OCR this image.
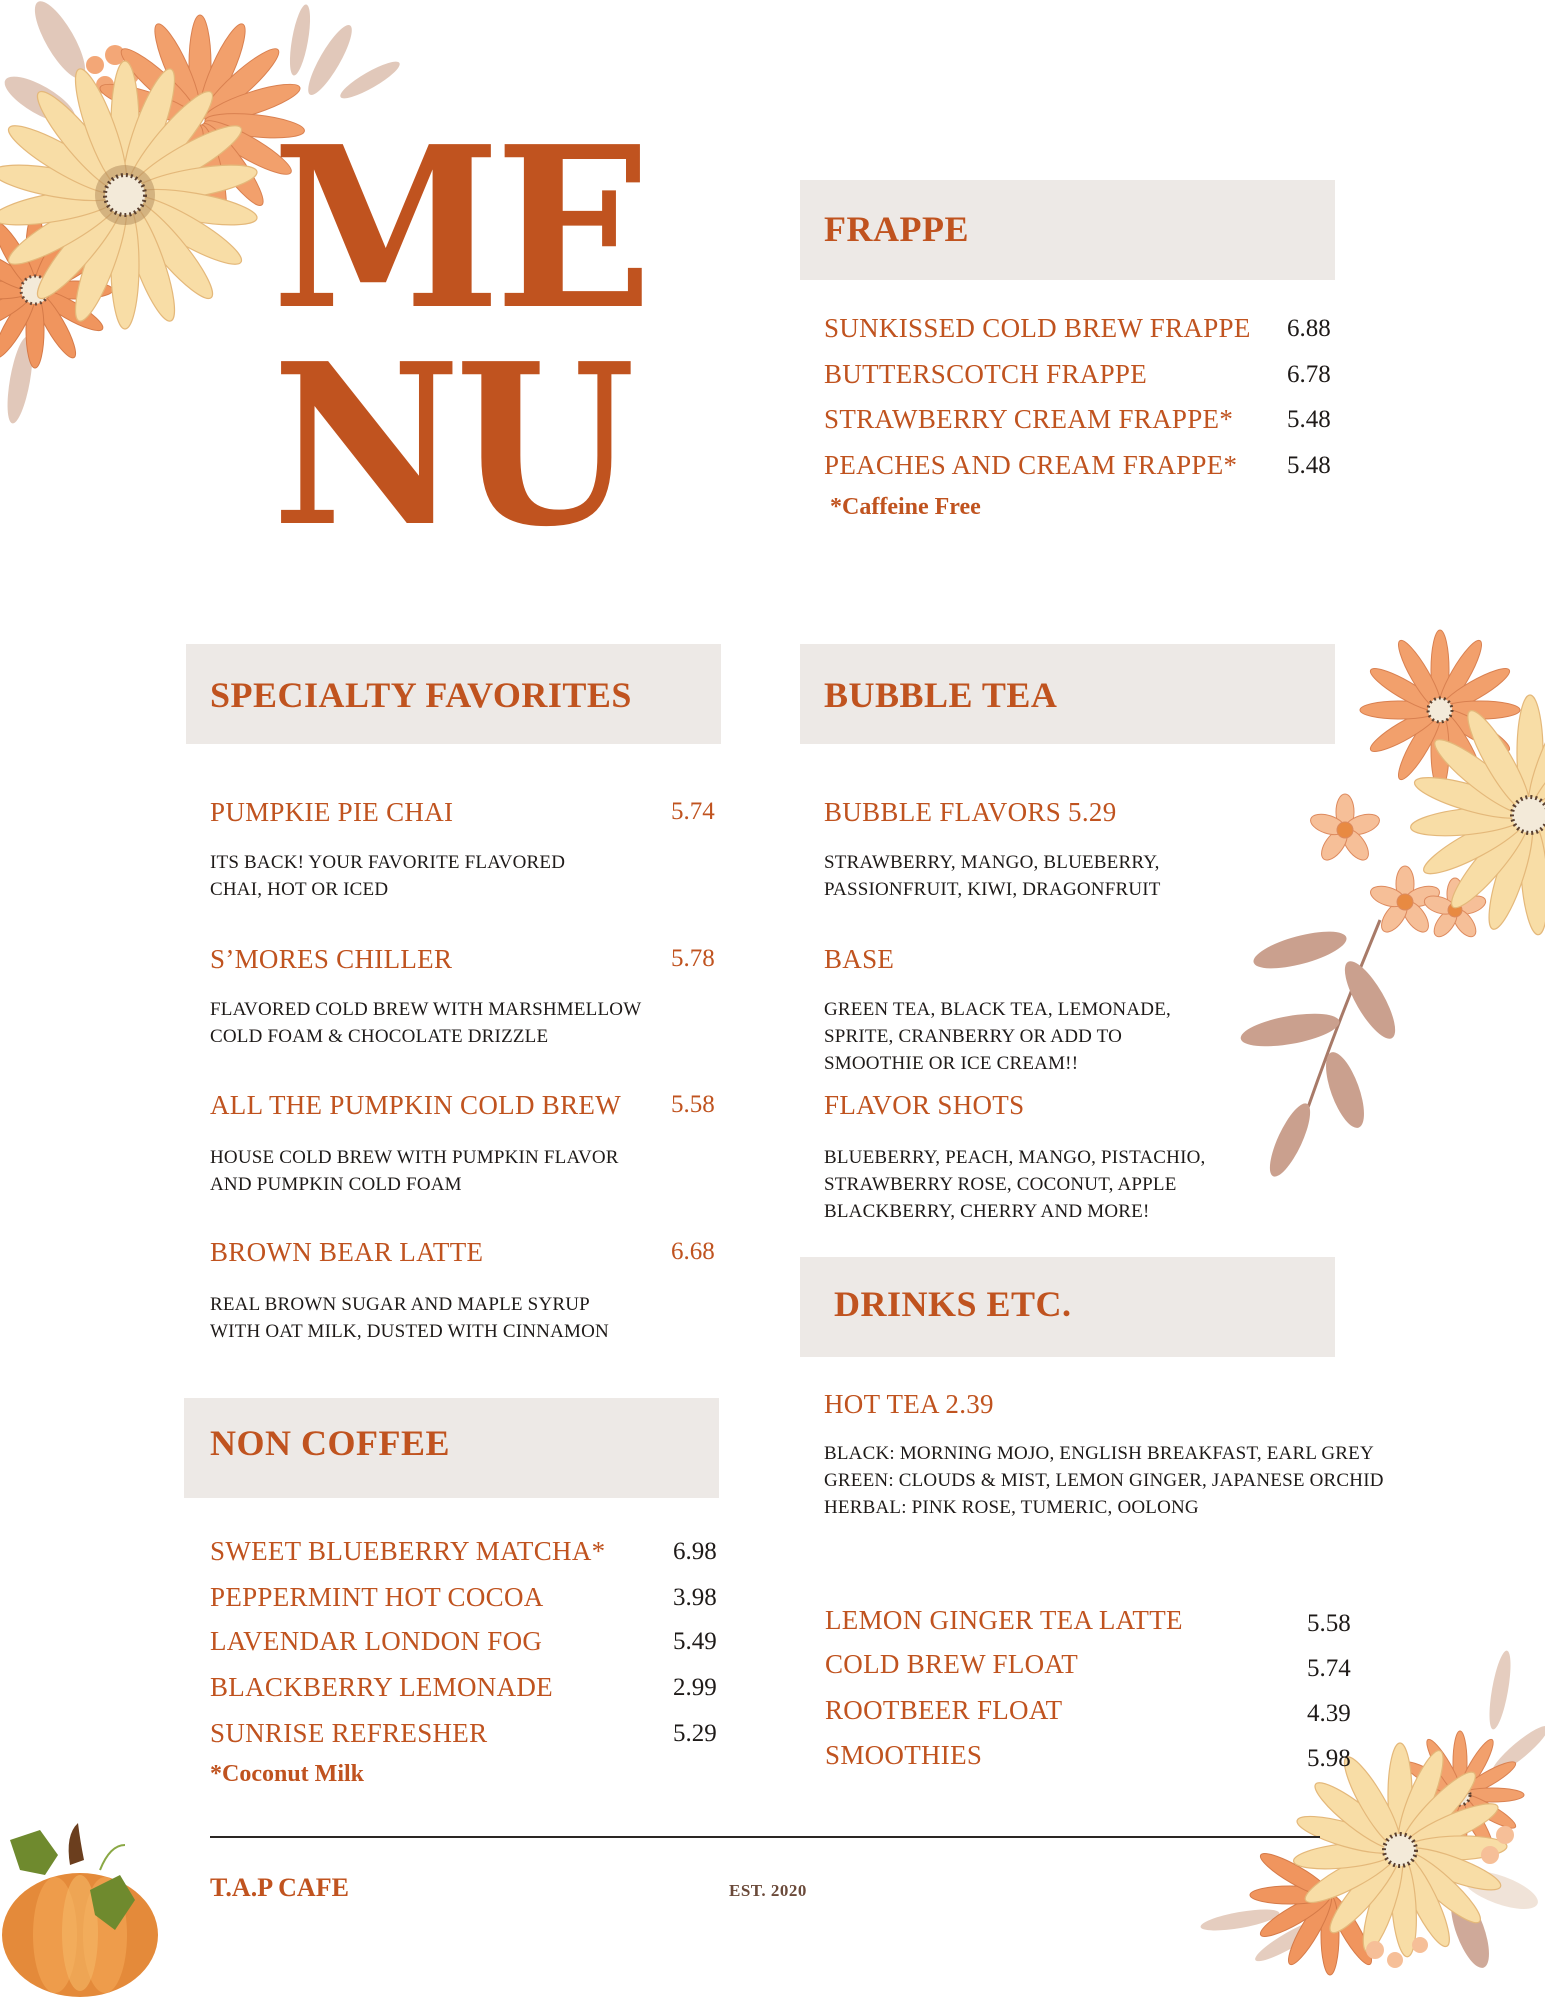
ME
NU
FRAPPE
SUNKISSED COLD BREW FRAPPE 6.88
BUTTERSCOTCH FRAPPE	6.78
STRAWBERRY CREAM FRAPPE* 5.48
PEACHES AND CREAM FRAPPE* 5.48
*Caffeine Free
SPECIALTY FAVORITES
PUMPKIE PIE CHAI	5.74
ITS BACK! YOUR FAVORITE FLAVORED
CHAI, HOT OR ICED
S’MORES CHILLER	5.78
FLAVORED COLD BREW WITH MARSHMELLOW
COLD FOAM & CHOCOLATE DRIZZLE
ALL THE PUMPKIN COLD BREW 5.58
HOUSE COLD BREW WITH PUMPKIN FLAVOR
AND PUMPKIN COLD FOAM
BROWN BEAR LATTE	6.68
REAL BROWN SUGAR AND MAPLE SYRUP
WITH OAT MILK, DUSTED WITH CINNAMON
NON COFFEE
SWEET BLUEBERRY MATCHA*	6.98
PEPPERMINT HOT COCOA	3.98
LAVENDAR LONDON FOG	5.49
BLACKBERRY LEMONADE	2.99
SUNRISE REFRESHER	5.29
*Coconut Milk
BUBBLE TEA
BUBBLE FLAVORS 5.29
STRAWBERRY, MANGO, BLUEBERRY,
PASSIONFRUIT, KIWI, DRAGONFRUIT
BASE
GREEN TEA, BLACK TEA, LEMONADE,
SPRITE, CRANBERRY OR ADD TO
SMOOTHIE OR ICE CREAM!!
FLAVOR SHOTS
BLUEBERRY, PEACH, MANGO, PISTACHIO,
STRAWBERRY ROSE, COCONUT, APPLE
BLACKBERRY, CHERRY AND MORE!
DRINKS ETC.
HOT TEA 2.39
BLACK: MORNING MOJO, ENGLISH BREAKFAST, EARL GREY
GREEN: CLOUDS & MIST, LEMON GINGER, JAPANESE ORCHID
HERBAL: PINK ROSE, TUMERIC, OOLONG
LEMON GINGER TEA LATTE	5.58
COLD BREW FLOAT	5.74
ROOTBEER FLOAT	4.39
SMOOTHIES	5.98
T.A.P CAFE	EST. 2020
